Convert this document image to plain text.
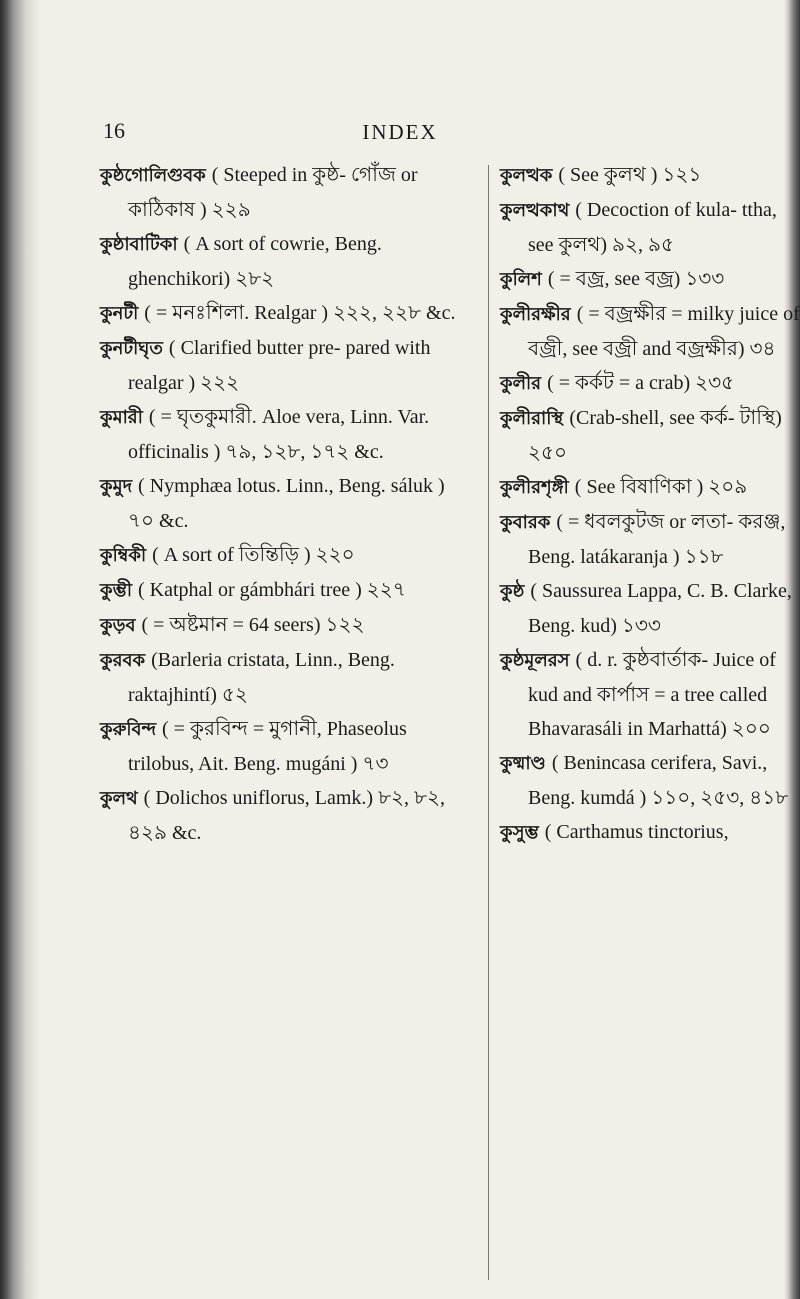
16	INDEX
কুষ্ঠগোলিগুবক ( Steeped in কুষ্ঠ- গোঁজ or কাঠিকাষ ) ২২৯
কুষ্ঠাবাটিকা ( A sort of cowrie, Beng. ghenchikori) ২৮২
কুনটী ( = মনঃশিলা. Realgar ) ২২২, ২২৮ &c.
কুনটীঘৃত ( Clarified butter pre- pared with realgar ) ২২২
কুমারী ( = ঘৃতকুমারী. Aloe vera, Linn. Var. officinalis ) ৭৯, ১২৮, ১৭২ &c.
কুমুদ ( Nymphæa lotus. Linn., Beng. sáluk ) ৭০ &c.
কুম্বিকী ( A sort of তিন্তিড়ি ) ২২০
কুম্ভী ( Katphal or gámbhári tree ) ২২৭
কুড়ব ( = অষ্টমান = 64 seers) ১২২
কুরবক (Barleria cristata, Linn., Beng. raktajhintí) ৫২
কুরুবিন্দ ( = কুরবিন্দ = মুগানী, Phaseolus trilobus, Ait. Beng. mugáni ) ৭৩
কুলথ ( Dolichos uniflorus, Lamk.) ৮২, ৮২, ৪২৯ &c.
কুলত্থক ( See কুলথ ) ১২১
কুলত্থকাথ ( Decoction of kula- ttha, see কুলথ) ৯২, ৯৫
কুলিশ ( = বজ্র, see বজ্র) ১৩৩
কুলীরক্ষীর ( = বজ্রক্ষীর = milky juice of বজ্রী, see বজ্রী and বজ্রক্ষীর) ৩৪
কুলীর ( = কর্কট = a crab) ২৩৫
কুলীরাস্থি (Crab-shell, see কর্ক- টাস্থি) ২৫০
কুলীরশৃঙ্গী ( See বিষাণিকা ) ২০৯
কুবারক ( = ধবলকুটজ or লতা- করঞ্জ, Beng. latákaranja ) ১১৮
কুষ্ঠ ( Saussurea Lappa, C. B. Clarke, Beng. kud) ১৩৩
কুষ্ঠমূলরস ( d. r. কুষ্ঠবার্তাক- Juice of kud and কার্পাস = a tree called Bhavarasáli in Marhattá) ২০০
কুষ্মাণ্ড ( Benincasa cerifera, Savi., Beng. kumdá ) ১১০, ২৫৩, ৪১৮
কুসুম্ভ ( Carthamus tinctorius,
